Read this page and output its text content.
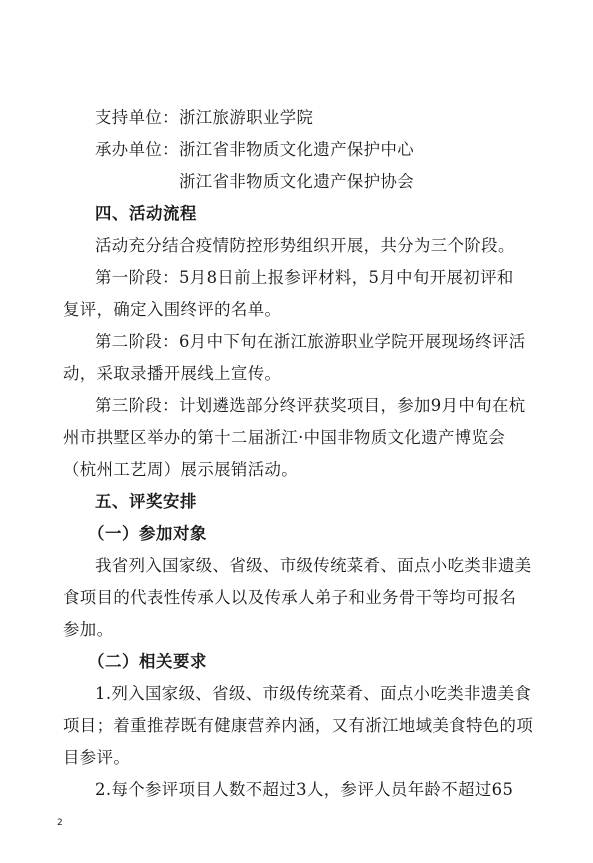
支持单位：浙江旅游职业学院
承办单位：浙江省非物质文化遗产保护中心
浙江省非物质文化遗产保护协会
四、活动流程
活动充分结合疫情防控形势组织开展，共分为三个阶段。
第一阶段：5月8日前上报参评材料，5月中旬开展初评和
复评，确定入围终评的名单。
第二阶段：6月中下旬在浙江旅游职业学院开展现场终评活
动，采取录播开展线上宣传。
第三阶段：计划遴选部分终评获奖项目，参加9月中旬在杭
州市拱墅区举办的第十二届浙江·中国非物质文化遗产博览会
（杭州工艺周）展示展销活动。
五、评奖安排
（一）参加对象
我省列入国家级、省级、市级传统菜肴、面点小吃类非遗美
食项目的代表性传承人以及传承人弟子和业务骨干等均可报名
参加。
（二）相关要求
1.列入国家级、省级、市级传统菜肴、面点小吃类非遗美食
项目；着重推荐既有健康营养内涵，又有浙江地域美食特色的项
目参评。
2.每个参评项目人数不超过3人，参评人员年龄不超过65
2
